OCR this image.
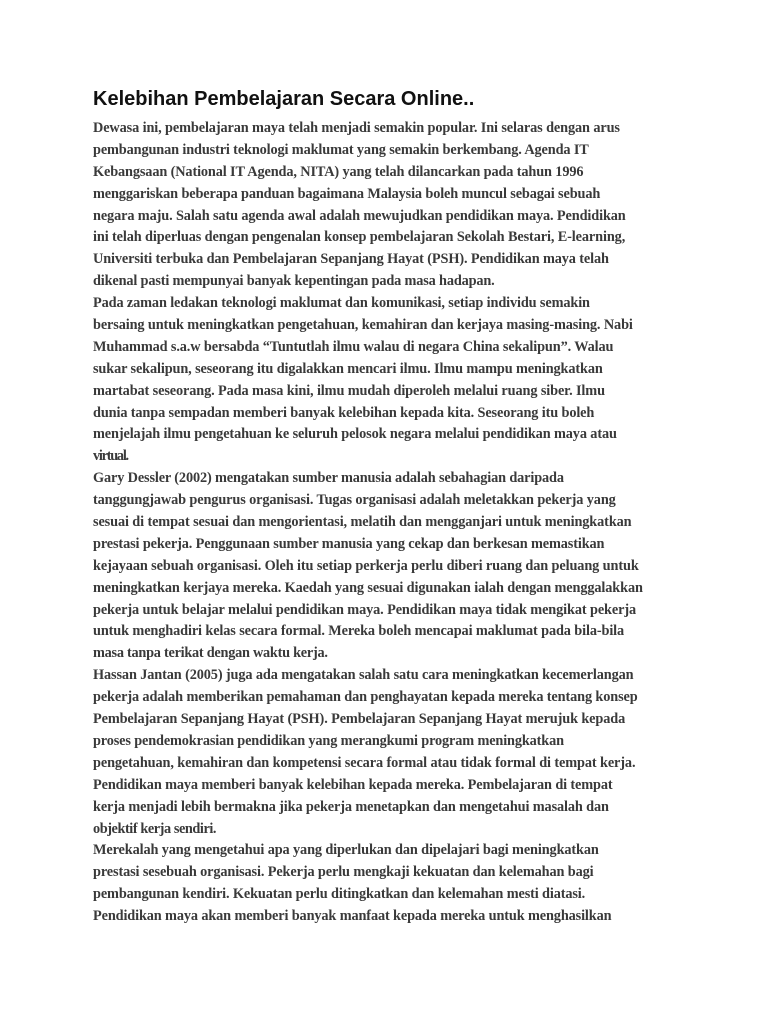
Kelebihan Pembelajaran Secara Online..
Dewasa ini, pembelajaran maya telah menjadi semakin popular. Ini selaras dengan arus
pembangunan industri teknologi maklumat yang semakin berkembang. Agenda IT
Kebangsaan (National IT Agenda, NITA) yang telah dilancarkan pada tahun 1996
menggariskan beberapa panduan bagaimana Malaysia boleh muncul sebagai sebuah
negara maju. Salah satu agenda awal adalah mewujudkan pendidikan maya. Pendidikan
ini telah diperluas dengan pengenalan konsep pembelajaran Sekolah Bestari, E-learning,
Universiti terbuka dan Pembelajaran Sepanjang Hayat (PSH). Pendidikan maya telah
dikenal pasti mempunyai banyak kepentingan pada masa hadapan.
Pada zaman ledakan teknologi maklumat dan komunikasi, setiap individu semakin
bersaing untuk meningkatkan pengetahuan, kemahiran dan kerjaya masing-masing. Nabi
Muhammad s.a.w bersabda “Tuntutlah ilmu walau di negara China sekalipun”. Walau
sukar sekalipun, seseorang itu digalakkan mencari ilmu. Ilmu mampu meningkatkan
martabat seseorang. Pada masa kini, ilmu mudah diperoleh melalui ruang siber. Ilmu
dunia tanpa sempadan memberi banyak kelebihan kepada kita. Seseorang itu boleh
menjelajah ilmu pengetahuan ke seluruh pelosok negara melalui pendidikan maya atau
virtual.
Gary Dessler (2002) mengatakan sumber manusia adalah sebahagian daripada
tanggungjawab pengurus organisasi. Tugas organisasi adalah meletakkan pekerja yang
sesuai di tempat sesuai dan mengorientasi, melatih dan mengganjari untuk meningkatkan
prestasi pekerja. Penggunaan sumber manusia yang cekap dan berkesan memastikan
kejayaan sebuah organisasi. Oleh itu setiap perkerja perlu diberi ruang dan peluang untuk
meningkatkan kerjaya mereka. Kaedah yang sesuai digunakan ialah dengan menggalakkan
pekerja untuk belajar melalui pendidikan maya. Pendidikan maya tidak mengikat pekerja
untuk menghadiri kelas secara formal. Mereka boleh mencapai maklumat pada bila-bila
masa tanpa terikat dengan waktu kerja.
Hassan Jantan (2005) juga ada mengatakan salah satu cara meningkatkan kecemerlangan
pekerja adalah memberikan pemahaman dan penghayatan kepada mereka tentang konsep
Pembelajaran Sepanjang Hayat (PSH). Pembelajaran Sepanjang Hayat merujuk kepada
proses pendemokrasian pendidikan yang merangkumi program meningkatkan
pengetahuan, kemahiran dan kompetensi secara formal atau tidak formal di tempat kerja.
Pendidikan maya memberi banyak kelebihan kepada mereka. Pembelajaran di tempat
kerja menjadi lebih bermakna jika pekerja menetapkan dan mengetahui masalah dan
objektif kerja sendiri.
Merekalah yang mengetahui apa yang diperlukan dan dipelajari bagi meningkatkan
prestasi sesebuah organisasi. Pekerja perlu mengkaji kekuatan dan kelemahan bagi
pembangunan kendiri. Kekuatan perlu ditingkatkan dan kelemahan mesti diatasi.
Pendidikan maya akan memberi banyak manfaat kepada mereka untuk menghasilkan
